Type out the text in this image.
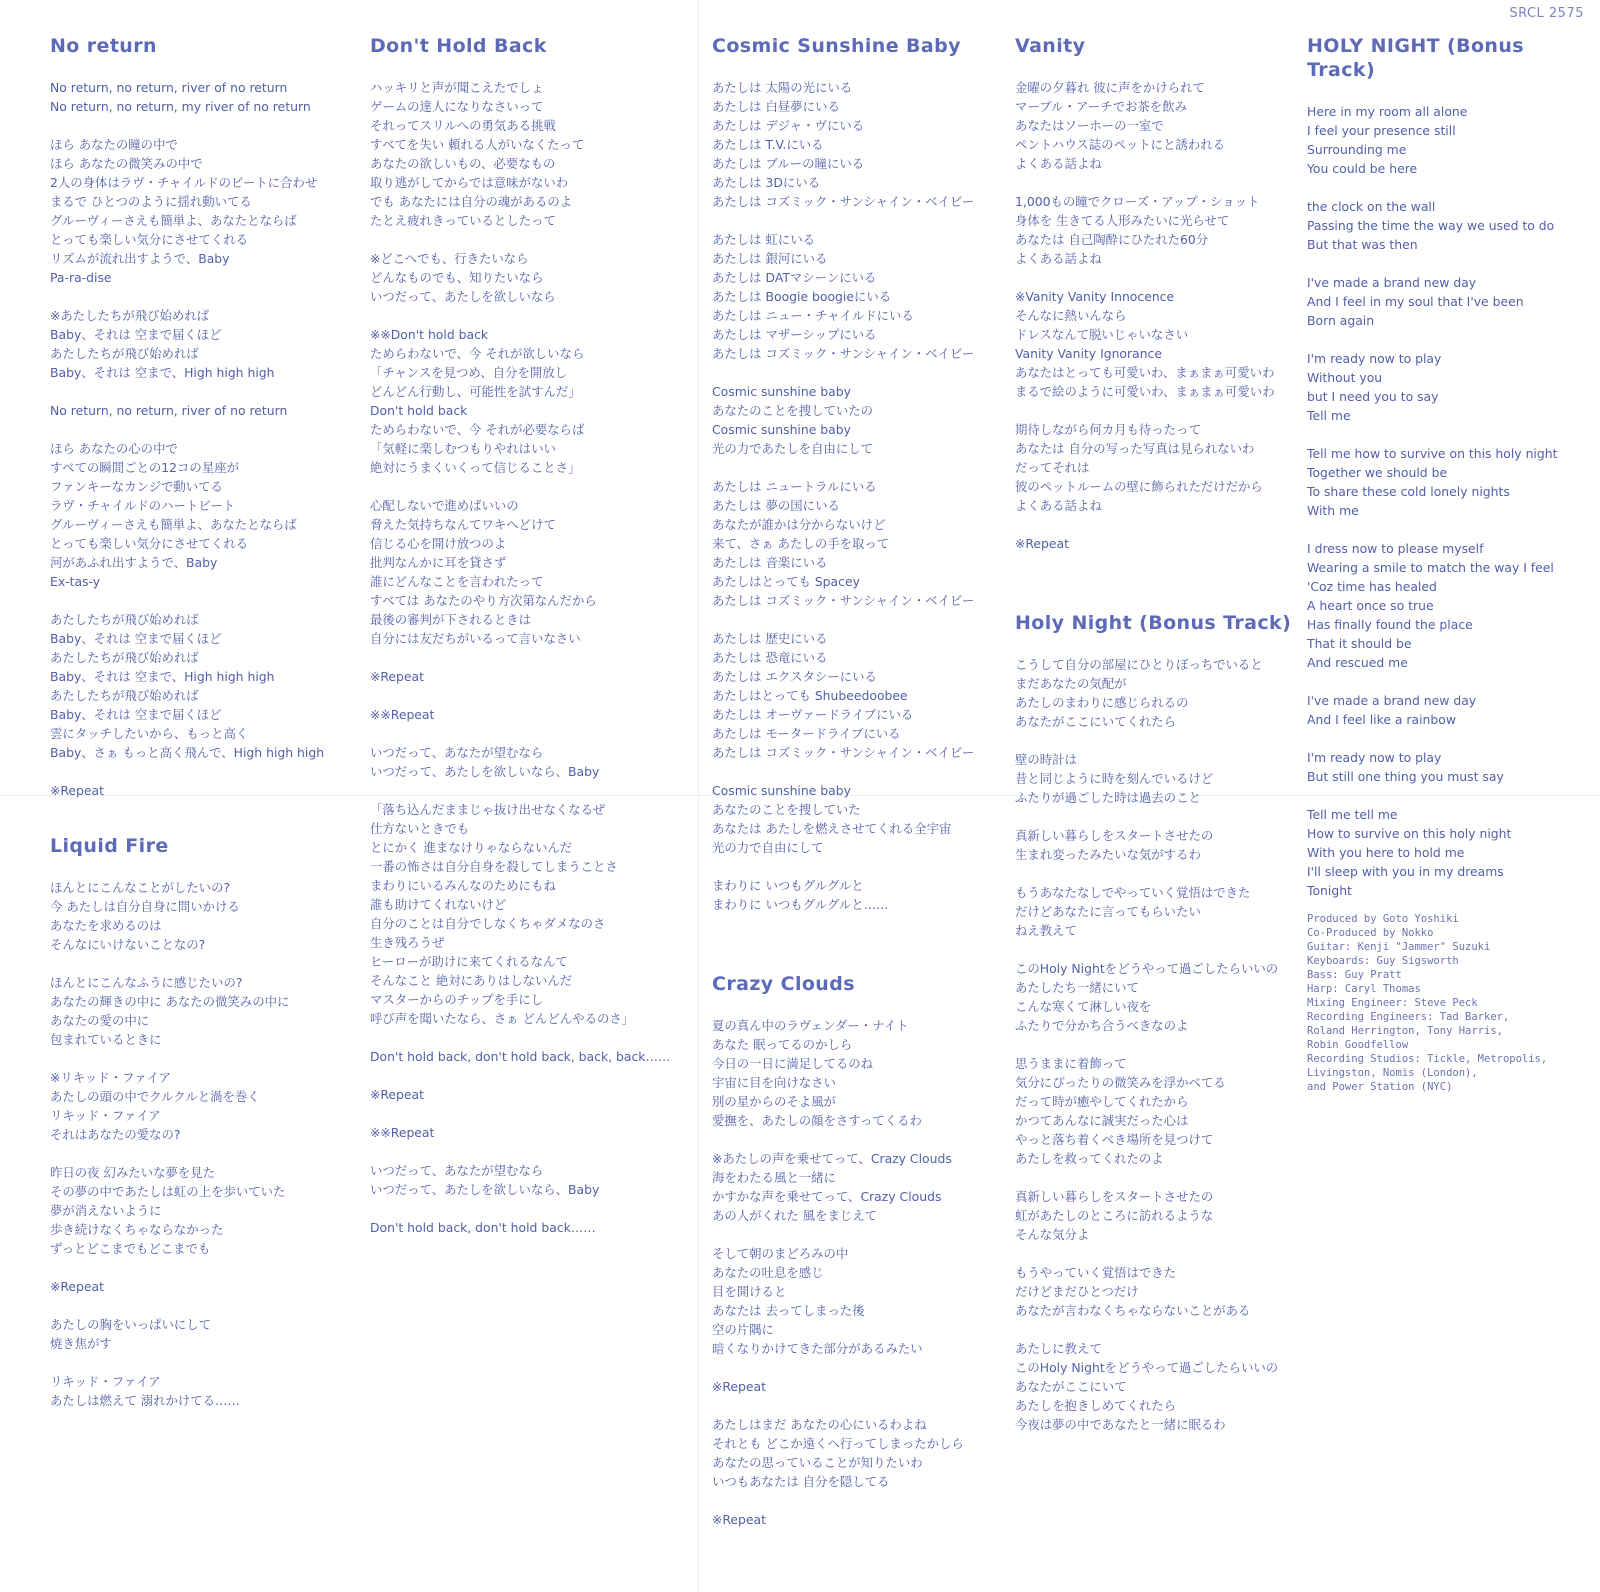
SRCL 2575
No return
No return, no return, river of no return
No return, no return, my river of no return
ほら あなたの瞳の中で
ほら あなたの微笑みの中で
2人の身体はラヴ・チャイルドのビートに合わせ
まるで ひとつのように揺れ動いてる
グルーヴィーさえも簡単よ、あなたとならば
とっても楽しい気分にさせてくれる
リズムが流れ出すようで、Baby
Pa-ra-dise
※あたしたちが飛び始めれば
Baby、それは 空まで届くほど
あたしたちが飛び始めれば
Baby、それは 空まで、High high high
No return, no return, river of no return
ほら あなたの心の中で
すべての瞬間ごとの12コの星座が
ファンキーなカンジで動いてる
ラヴ・チャイルドのハートビート
グルーヴィーさえも簡単よ、あなたとならば
とっても楽しい気分にさせてくれる
河があふれ出すようで、Baby
Ex-tas-y
あたしたちが飛び始めれば
Baby、それは 空まで届くほど
あたしたちが飛び始めれば
Baby、それは 空まで、High high high
あたしたちが飛び始めれば
Baby、それは 空まで届くほど
雲にタッチしたいから、もっと高く
Baby、さぁ もっと高く飛んで、High high high
※Repeat
Liquid Fire
ほんとにこんなことがしたいの?
今 あたしは自分自身に問いかける
あなたを求めるのは
そんなにいけないことなの?
ほんとにこんなふうに感じたいの?
あなたの輝きの中に あなたの微笑みの中に
あなたの愛の中に
包まれているときに
※リキッド・ファイア
あたしの頭の中でクルクルと渦を巻く
リキッド・ファイア
それはあなたの愛なの?
昨日の夜 幻みたいな夢を見た
その夢の中であたしは虹の上を歩いていた
夢が消えないように
歩き続けなくちゃならなかった
ずっとどこまでもどこまでも
※Repeat
あたしの胸をいっぱいにして
焼き焦がす
リキッド・ファイア
あたしは燃えて 溺れかけてる……
Don't Hold Back
ハッキリと声が聞こえたでしょ
ゲームの達人になりなさいって
それってスリルへの勇気ある挑戦
すべてを失い 頼れる人がいなくたって
あなたの欲しいもの、必要なもの
取り逃がしてからでは意味がないわ
でも あなたには自分の魂があるのよ
たとえ疲れきっているとしたって
※どこへでも、行きたいなら
どんなものでも、知りたいなら
いつだって、あたしを欲しいなら
※※Don't hold back
ためらわないで、今 それが欲しいなら
「チャンスを見つめ、自分を開放し
どんどん行動し、可能性を試すんだ」
Don't hold back
ためらわないで、今 それが必要ならば
「気軽に楽しむつもりやれはいい
絶対にうまくいくって信じることさ」
心配しないで進めばいいの
脅えた気持ちなんてワキへどけて
信じる心を開け放つのよ
批判なんかに耳を貸さず
誰にどんなことを言われたって
すべては あなたのやり方次第なんだから
最後の審判が下されるときは
自分には友だちがいるって言いなさい
※Repeat
※※Repeat
いつだって、あなたが望むなら
いつだって、あたしを欲しいなら、Baby
「落ち込んだままじゃ抜け出せなくなるぜ
仕方ないときでも
とにかく 進まなけりゃならないんだ
一番の怖さは自分自身を殺してしまうことさ
まわりにいるみんなのためにもね
誰も助けてくれないけど
自分のことは自分でしなくちゃダメなのさ
生き残ろうぜ
ヒーローが助けに来てくれるなんて
そんなこと 絶対にありはしないんだ
マスターからのチップを手にし
呼び声を聞いたなら、さぁ どんどんやるのさ」
Don't hold back, don't hold back, back, back……
※Repeat
※※Repeat
いつだって、あなたが望むなら
いつだって、あたしを欲しいなら、Baby
Don't hold back, don't hold back……
Cosmic Sunshine Baby
あたしは 太陽の光にいる
あたしは 白昼夢にいる
あたしは デジャ・ヴにいる
あたしは T.V.にいる
あたしは ブルーの瞳にいる
あたしは 3Dにいる
あたしは コズミック・サンシャイン・ベイビー
あたしは 虹にいる
あたしは 銀河にいる
あたしは DATマシーンにいる
あたしは Boogie boogieにいる
あたしは ニュー・チャイルドにいる
あたしは マザーシップにいる
あたしは コズミック・サンシャイン・ベイビー
Cosmic sunshine baby
あなたのことを捜していたの
Cosmic sunshine baby
光の力であたしを自由にして
あたしは ニュートラルにいる
あたしは 夢の国にいる
あなたが誰かは分からないけど
来て、さぁ あたしの手を取って
あたしは 音楽にいる
あたしはとっても Spacey
あたしは コズミック・サンシャイン・ベイビー
あたしは 歴史にいる
あたしは 恐竜にいる
あたしは エクスタシーにいる
あたしはとっても Shubeedoobee
あたしは オーヴァードライブにいる
あたしは モータードライブにいる
あたしは コズミック・サンシャイン・ベイビー
Cosmic sunshine baby
あなたのことを捜していた
あなたは あたしを燃えさせてくれる全宇宙
光の力で自由にして
まわりに いつもグルグルと
まわりに いつもグルグルと……
Crazy Clouds
夏の真ん中のラヴェンダー・ナイト
あなた 眠ってるのかしら
今日の一日に満足してるのね
宇宙に目を向けなさい
別の星からのそよ風が
愛撫を、あたしの顔をさすってくるわ
※あたしの声を乗せてって、Crazy Clouds
海をわたる風と一緒に
かすかな声を乗せてって、Crazy Clouds
あの人がくれた 風をまじえて
そして朝のまどろみの中
あなたの吐息を感じ
目を開けると
あなたは 去ってしまった後
空の片隅に
暗くなりかけてきた部分があるみたい
※Repeat
あたしはまだ あなたの心にいるわよね
それとも どこか遠くへ行ってしまったかしら
あなたの思っていることが知りたいわ
いつもあなたは 自分を隠してる
※Repeat
Vanity
金曜の夕暮れ 彼に声をかけられて
マーブル・アーチでお茶を飲み
あなたはソーホーの一室で
ペントハウス誌のペットにと誘われる
よくある話よね
1,000もの瞳でクローズ・アップ・ショット
身体を 生きてる人形みたいに光らせて
あなたは 自己陶酔にひたれた60分
よくある話よね
※Vanity Vanity Innocence
そんなに熱いんなら
ドレスなんて脱いじゃいなさい
Vanity Vanity Ignorance
あなたはとっても可愛いわ、まぁまぁ可愛いわ
まるで絵のように可愛いわ、まぁまぁ可愛いわ
期待しながら何カ月も待ったって
あなたは 自分の写った写真は見られないわ
だってそれは
彼のペットルームの壁に飾られただけだから
よくある話よね
※Repeat
Holy Night (Bonus Track)
こうして自分の部屋にひとりぼっちでいると
まだあなたの気配が
あたしのまわりに感じられるの
あなたがここにいてくれたら
壁の時計は
昔と同じように時を刻んでいるけど
ふたりが過ごした時は過去のこと
真新しい暮らしをスタートさせたの
生まれ変ったみたいな気がするわ
もうあなたなしでやっていく覚悟はできた
だけどあなたに言ってもらいたい
ねえ教えて
このHoly Nightをどうやって過ごしたらいいの
あたしたち一緒にいて
こんな寒くて淋しい夜を
ふたりで分かち合うべきなのよ
思うままに着飾って
気分にぴったりの微笑みを浮かべてる
だって時が癒やしてくれたから
かつてあんなに誠実だった心は
やっと落ち着くべき場所を見つけて
あたしを救ってくれたのよ
真新しい暮らしをスタートさせたの
虹があたしのところに訪れるような
そんな気分よ
もうやっていく覚悟はできた
だけどまだひとつだけ
あなたが言わなくちゃならないことがある
あたしに教えて
このHoly Nightをどうやって過ごしたらいいの
あなたがここにいて
あたしを抱きしめてくれたら
今夜は夢の中であなたと一緒に眠るわ
HOLY NIGHT (Bonus Track)
Here in my room all alone
I feel your presence still
Surrounding me
You could be here
the clock on the wall
Passing the time the way we used to do
But that was then
I've made a brand new day
And I feel in my soul that I've been
Born again
I'm ready now to play
Without you
but I need you to say
Tell me
Tell me how to survive on this holy night
Together we should be
To share these cold lonely nights
With me
I dress now to please myself
Wearing a smile to match the way I feel
'Coz time has healed
A heart once so true
Has finally found the place
That it should be
And rescued me
I've made a brand new day
And I feel like a rainbow
I'm ready now to play
But still one thing you must say
Tell me tell me
How to survive on this holy night
With you here to hold me
I'll sleep with you in my dreams
Tonight
Produced by Goto Yoshiki
Co-Produced by Nokko
Guitar: Kenji "Jammer" Suzuki
Keyboards: Guy Sigsworth
Bass: Guy Pratt
Harp: Caryl Thomas
Mixing Engineer: Steve Peck
Recording Engineers: Tad Barker,
Roland Herrington, Tony Harris,
Robin Goodfellow
Recording Studios: Tickle, Metropolis,
Livingston, Nomis (London),
and Power Station (NYC)
